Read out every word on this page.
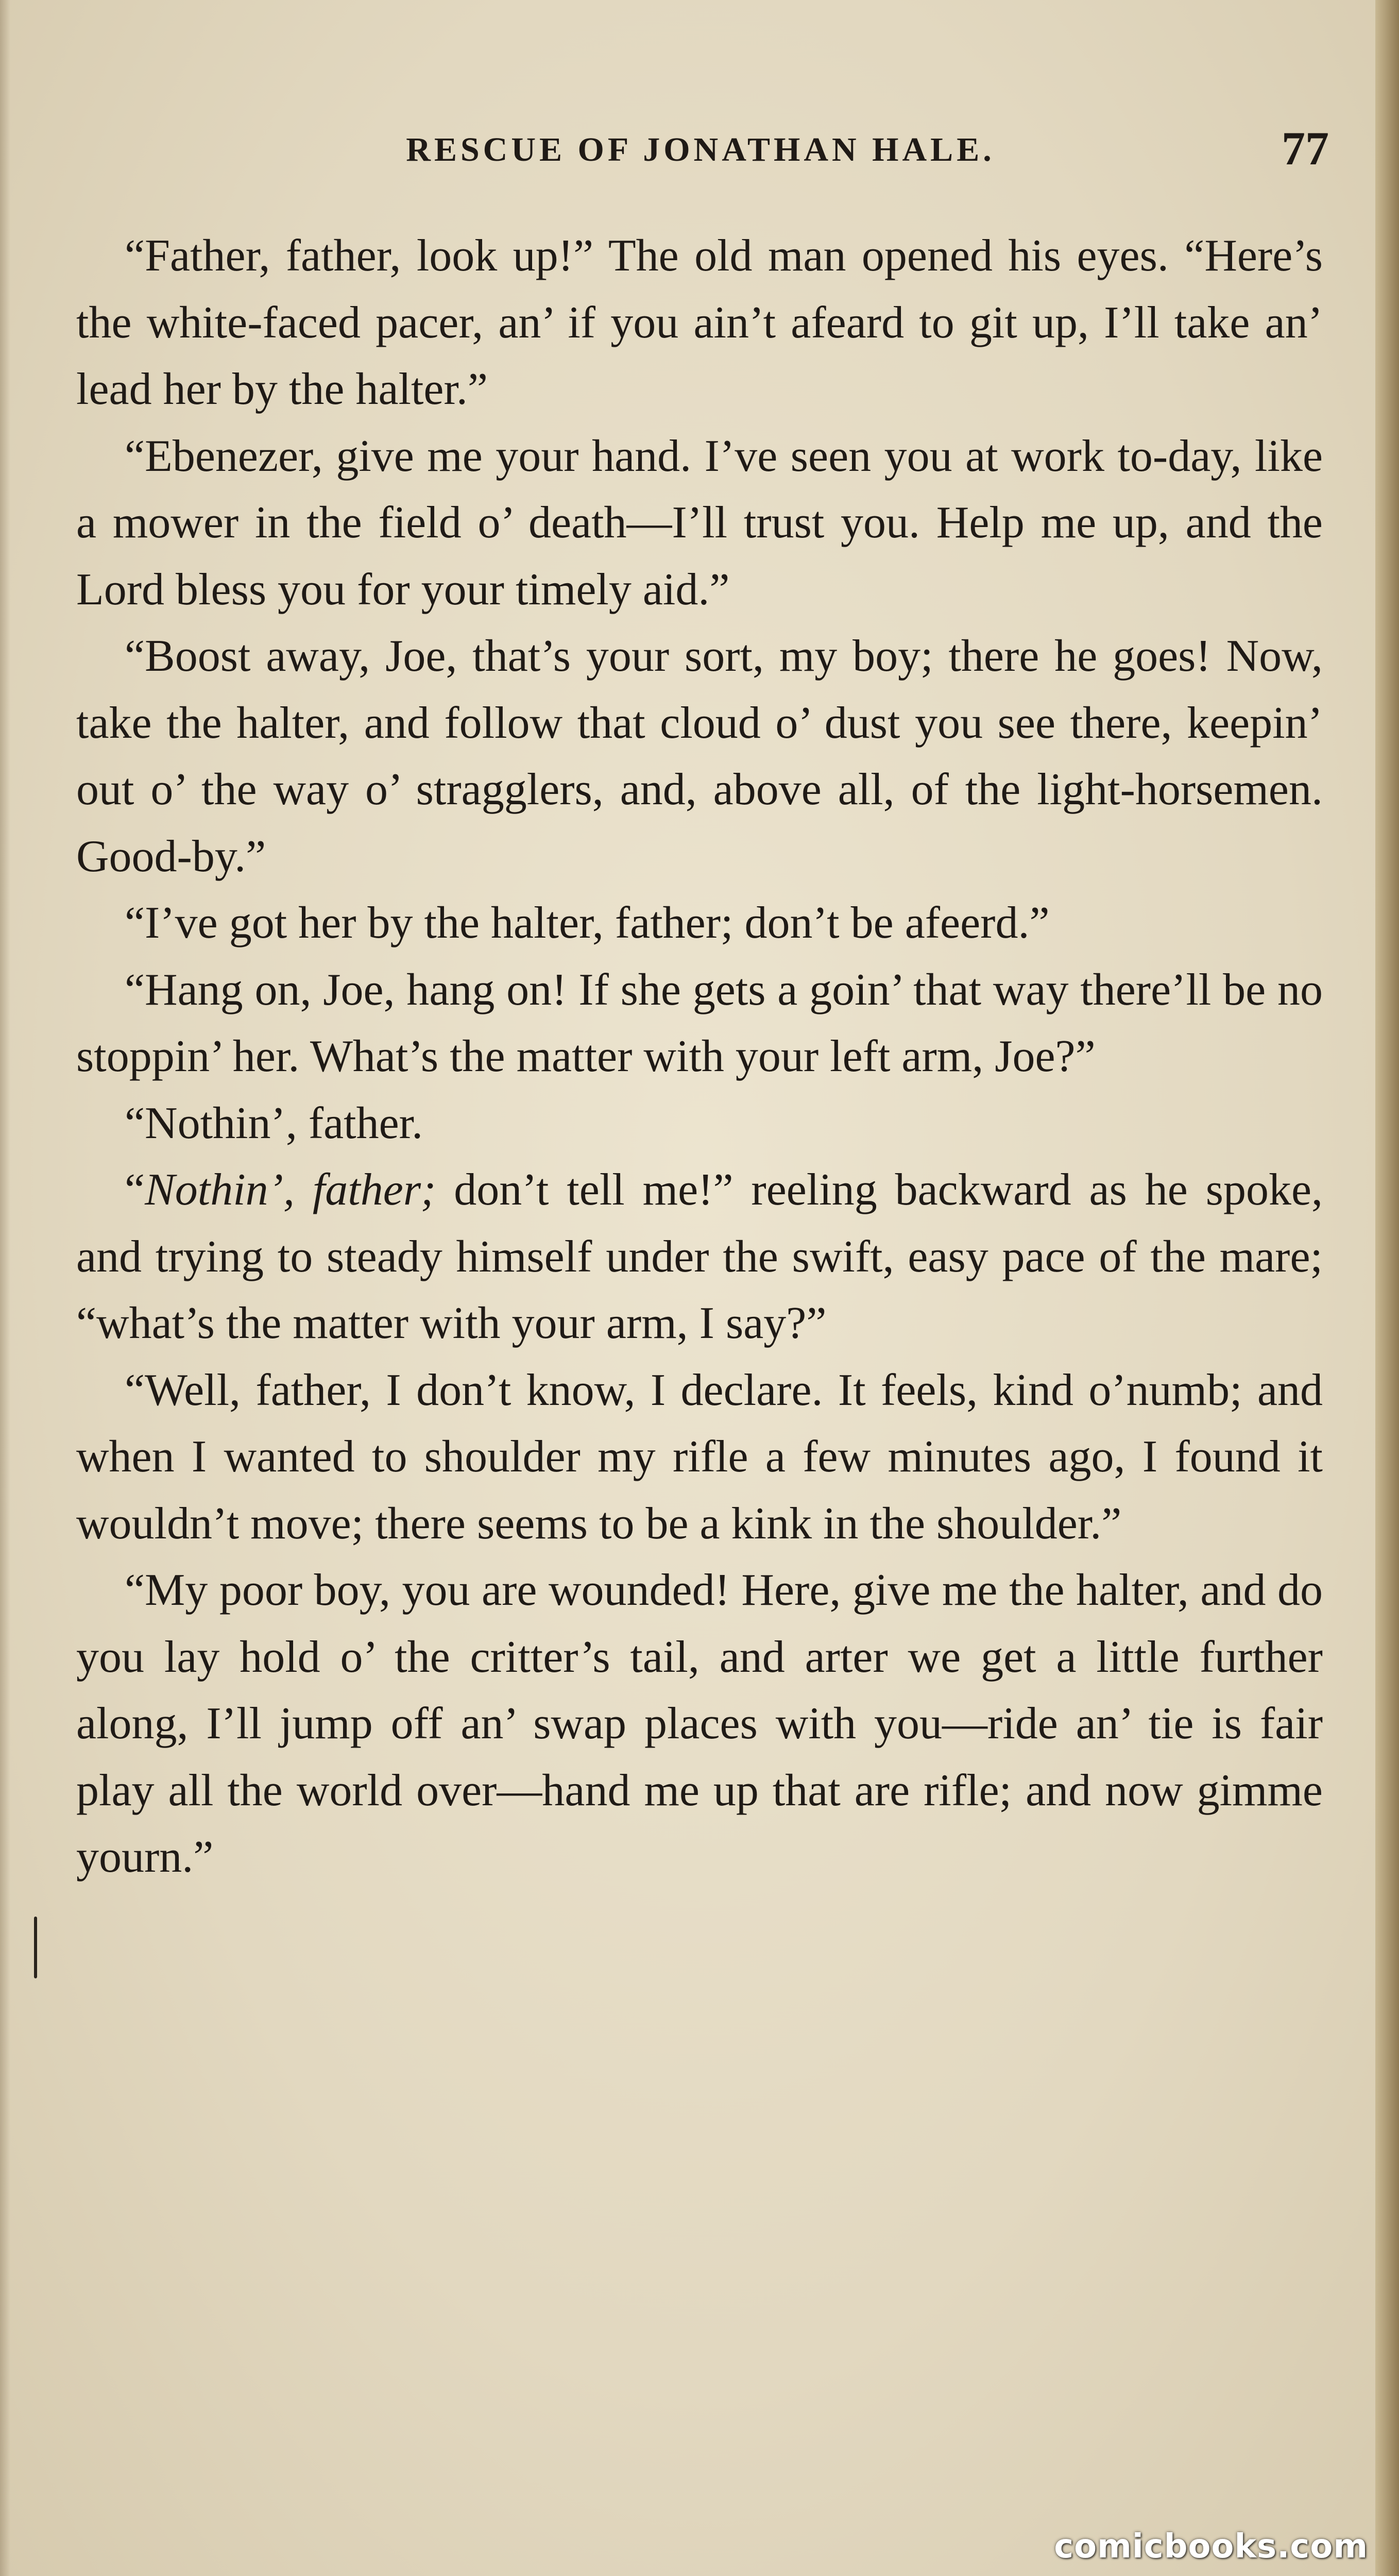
RESCUE OF JONATHAN HALE.	77

“Father, father, look up!” The old man opened his eyes. “Here’s the white-faced pacer, an’ if you ain’t afeard to git up, I’ll take an’ lead her by the halter.”

“Ebenezer, give me your hand. I’ve seen you at work to-day, like a mower in the field o’ death—I’ll trust you. Help me up, and the Lord bless you for your timely aid.”

“Boost away, Joe, that’s your sort, my boy; there he goes! Now, take the halter, and follow that cloud o’ dust you see there, keepin’ out o’ the way o’ stragglers, and, above all, of the light-horsemen. Good-by.”

“I’ve got her by the halter, father; don’t be afeerd.”

“Hang on, Joe, hang on! If she gets a goin’ that way there’ll be no stoppin’ her. What’s the matter with your left arm, Joe?”

“Nothin’, father.

“Nothin’, father; don’t tell me!” reeling backward as he spoke, and trying to steady himself under the swift, easy pace of the mare; “what’s the matter with your arm, I say?”

“Well, father, I don’t know, I declare. It feels, kind o’numb; and when I wanted to shoulder my rifle a few minutes ago, I found it wouldn’t move; there seems to be a kink in the shoulder.”

“My poor boy, you are wounded! Here, give me the halter, and do you lay hold o’ the critter’s tail, and arter we get a little further along, I’ll jump off an’ swap places with you—ride an’ tie is fair play all the world over—hand me up that are rifle; and now gimme yourn.”

comicbooks.com
